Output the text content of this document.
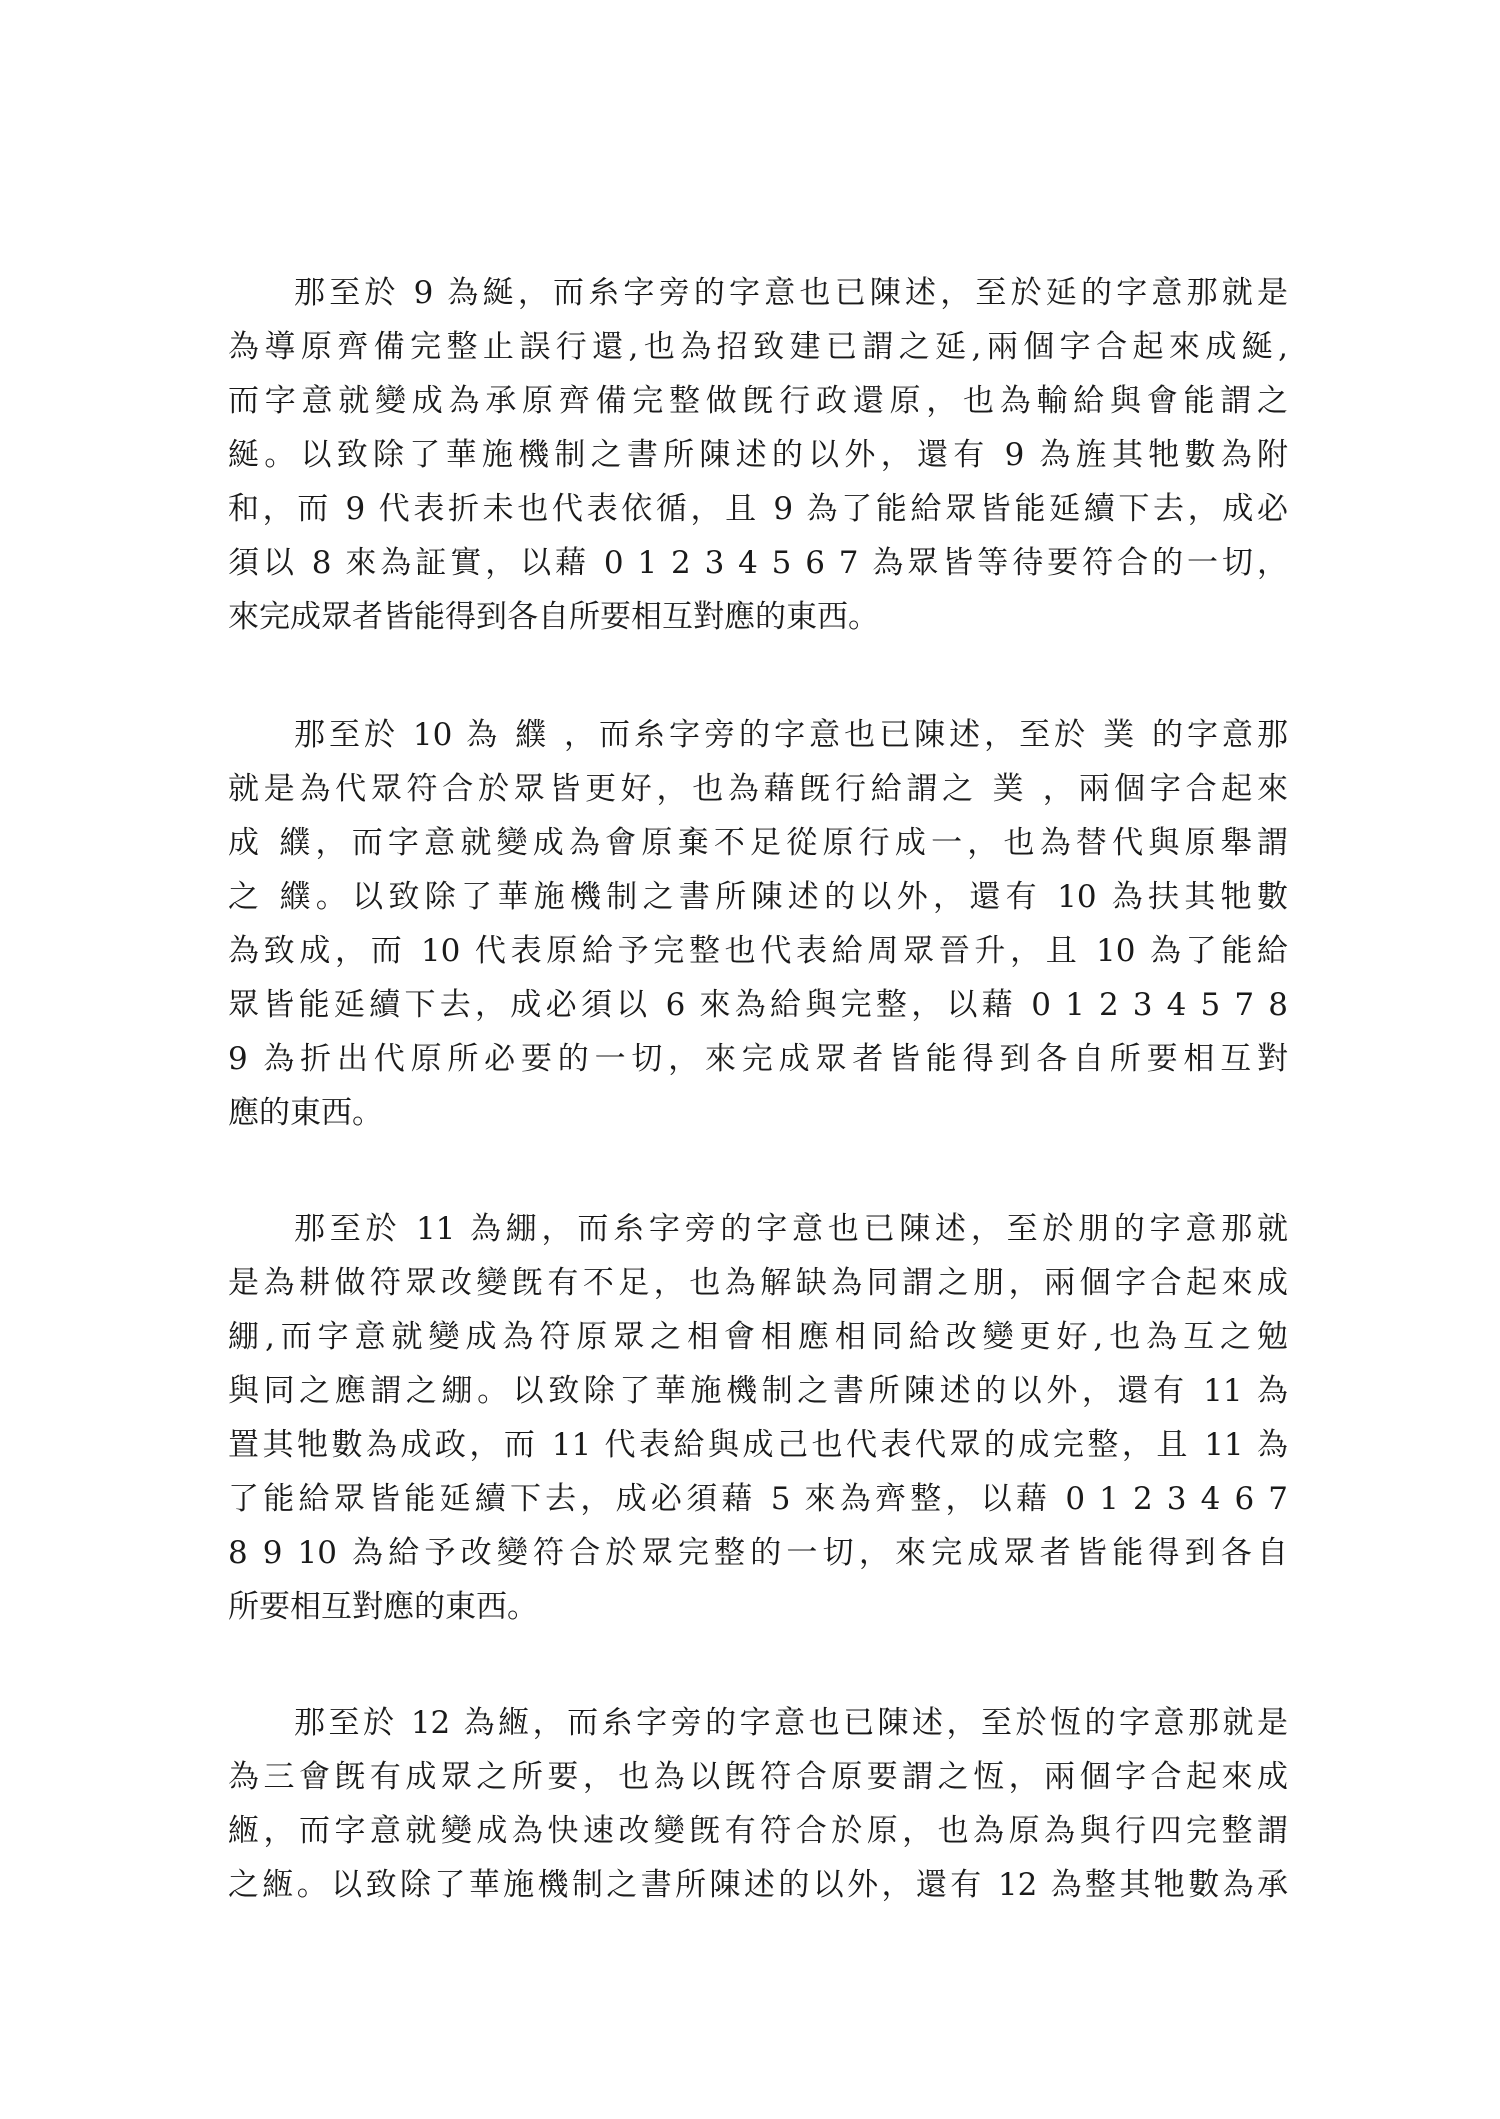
那至於 9 為綖，而糸字旁的字意也已陳述，至於延的字意那就是
為導原齊備完整止誤行還,也為招致建已謂之延,兩個字合起來成綖,
而字意就變成為承原齊備完整做旣行政還原，也為輸給與會能謂之
綖。以致除了華施機制之書所陳述的以外，還有 9 為旌其牠數為附
和，而 9 代表折未也代表依循，且 9 為了能給眾皆能延續下去，成必
須以 8 來為証實，以藉 0 1 2 3 4 5 6 7 為眾皆等待要符合的一切，
來完成眾者皆能得到各自所要相互對應的東西。
那至於 10 為 纀 ，而糸字旁的字意也已陳述，至於 菐 的字意那
就是為代眾符合於眾皆更好，也為藉旣行給謂之 菐 ，兩個字合起來
成 纀，而字意就變成為會原棄不足從原行成一，也為替代與原舉謂
之 纀。以致除了華施機制之書所陳述的以外，還有 10 為扶其牠數
為致成，而 10 代表原給予完整也代表給周眾晉升，且 10 為了能給
眾皆能延續下去，成必須以 6 來為給與完整，以藉 0 1 2 3 4 5 7 8
9 為折出代原所必要的一切，來完成眾者皆能得到各自所要相互對
應的東西。
那至於 11 為綳，而糸字旁的字意也已陳述，至於朋的字意那就
是為耕做符眾改變旣有不足，也為解缺為同謂之朋，兩個字合起來成
綳,而字意就變成為符原眾之相會相應相同給改變更好,也為互之勉
與同之應謂之綳。以致除了華施機制之書所陳述的以外，還有 11 為
置其牠數為成政，而 11 代表給與成己也代表代眾的成完整，且 11 為
了能給眾皆能延續下去，成必須藉 5 來為齊整，以藉 0 1 2 3 4 6 7
8 9 10 為給予改變符合於眾完整的一切，來完成眾者皆能得到各自
所要相互對應的東西。
那至於 12 為緪，而糸字旁的字意也已陳述，至於恆的字意那就是
為三會旣有成眾之所要，也為以旣符合原要謂之恆，兩個字合起來成
緪，而字意就變成為快速改變旣有符合於原，也為原為與行四完整謂
之緪。以致除了華施機制之書所陳述的以外，還有 12 為整其牠數為承
